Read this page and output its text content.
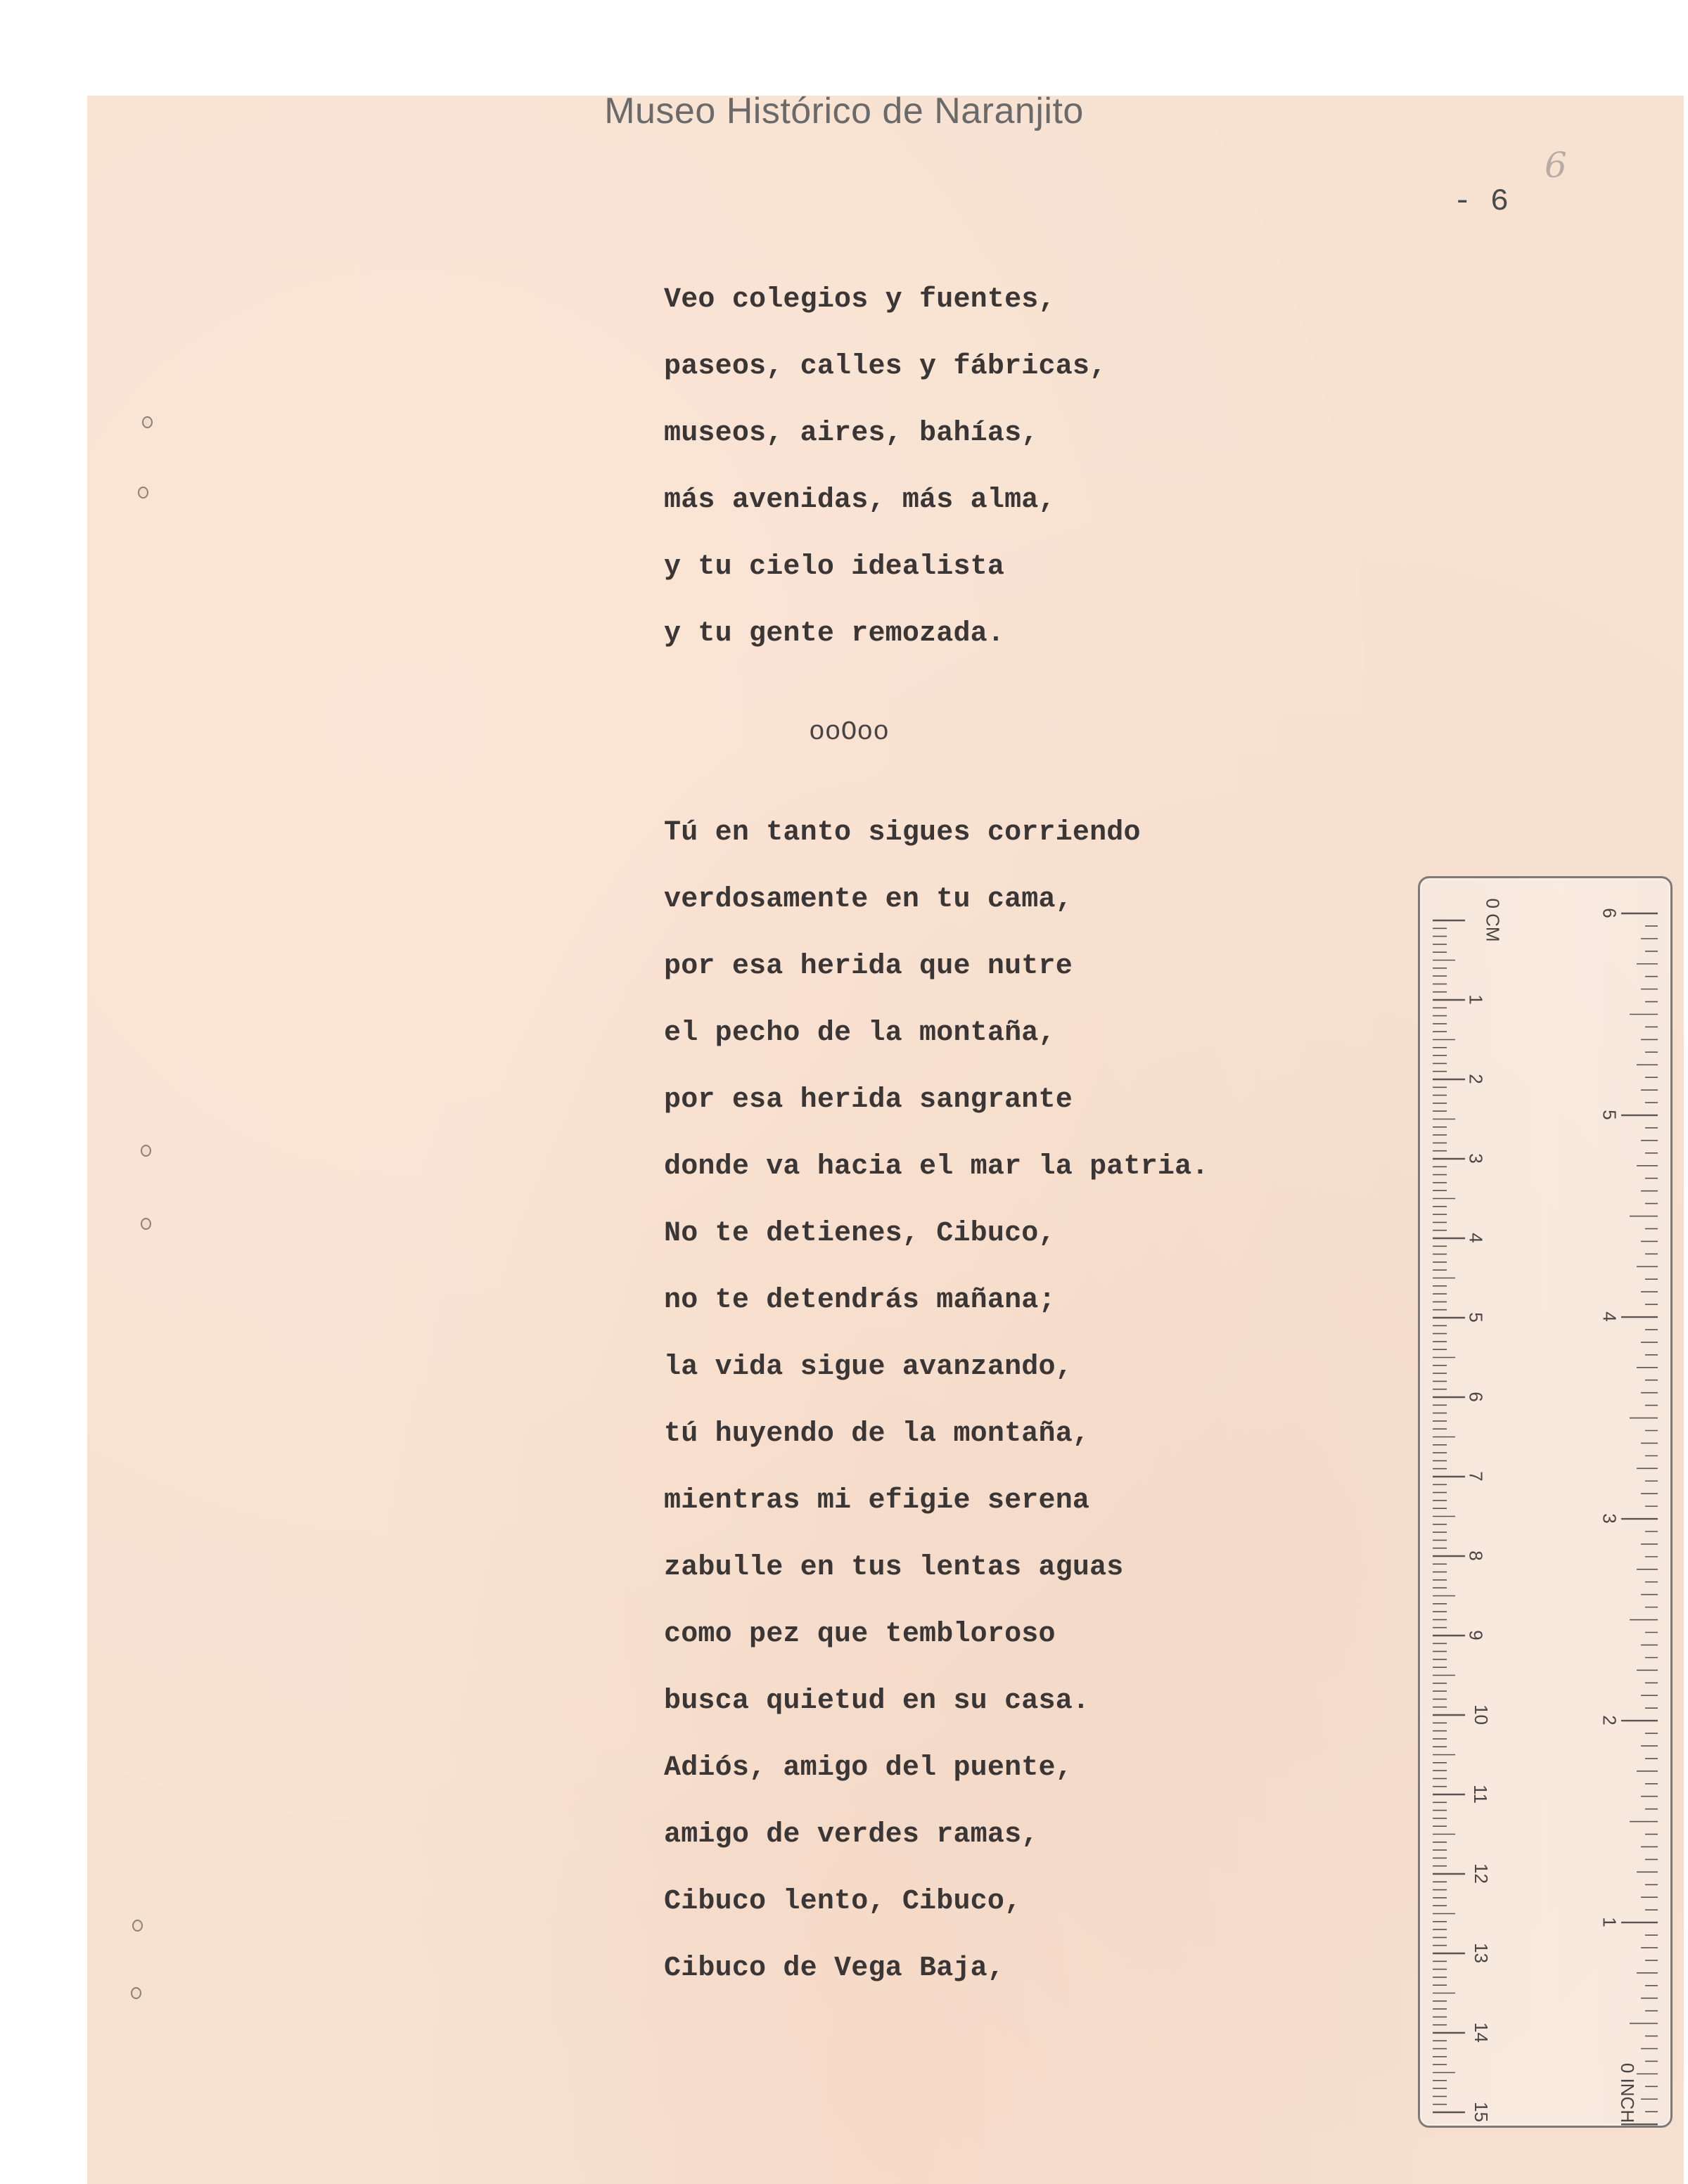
Museo Histórico de Naranjito
6
- 6
Veo colegios y fuentes,
paseos, calles y fábricas,
museos, aires, bahías,
más avenidas, más alma,
y tu cielo idealista
y tu gente remozada.
ooOoo
Tú en tanto sigues corriendo
verdosamente en tu cama,
por esa herida que nutre
el pecho de la montaña,
por esa herida sangrante
donde va hacia el mar la patria.
No te detienes, Cibuco,
no te detendrás mañana;
la vida sigue avanzando,
tú huyendo de la montaña,
mientras mi efigie serena
zabulle en tus lentas aguas
como pez que tembloroso
busca quietud en su casa.
Adiós, amigo del puente,
amigo de verdes ramas,
Cibuco lento, Cibuco,
Cibuco de Vega Baja,
0 CM
1
2
3
4
5
6
7
8
9
10
11
12
13
14
15
6
5
4
3
2
1
0 INCH
